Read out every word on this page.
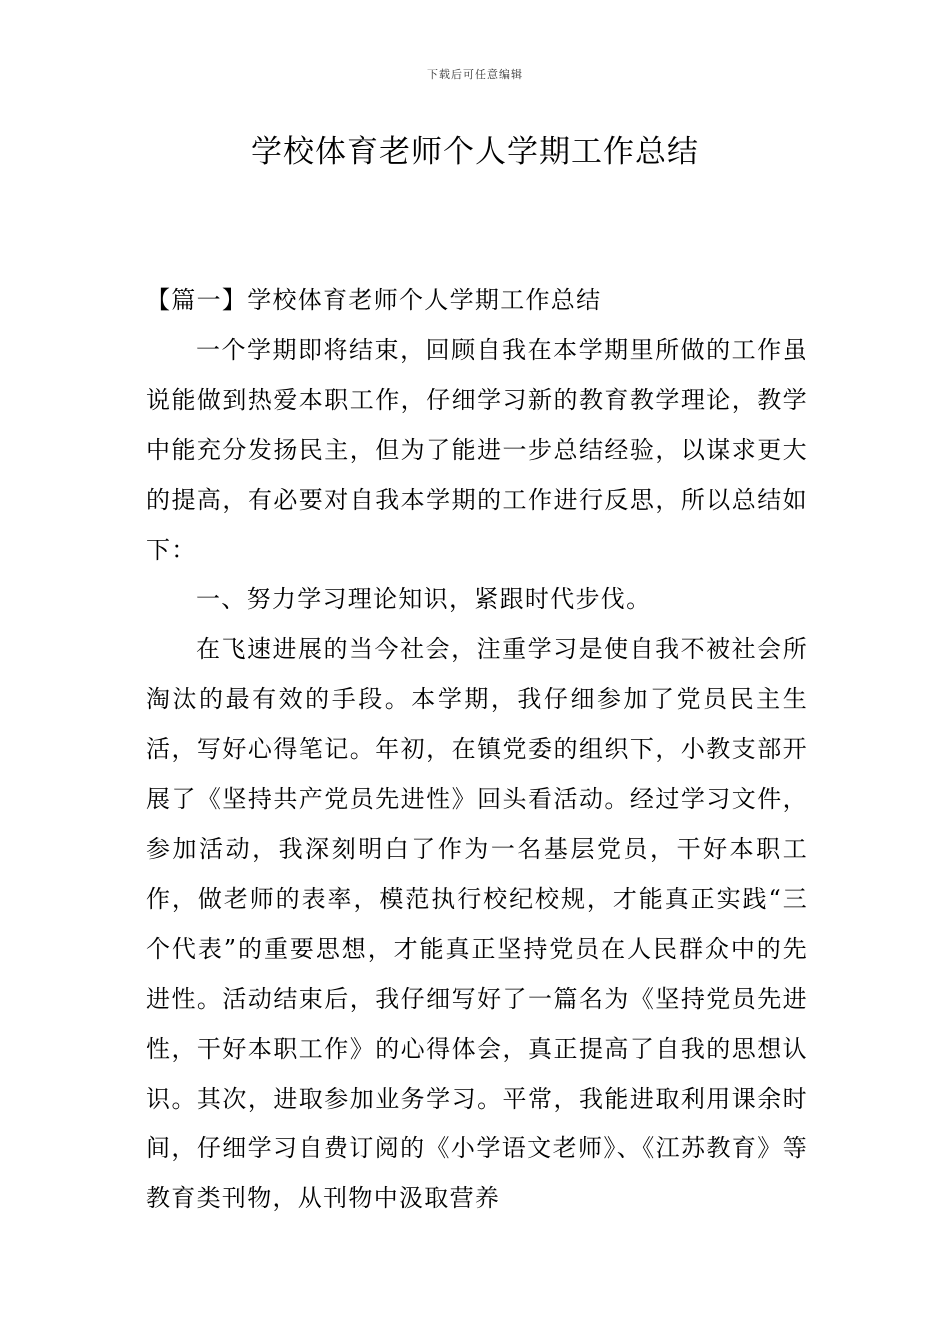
下载后可任意编辑
学校体育老师个人学期工作总结

【篇一】学校体育老师个人学期工作总结

一个学期即将结束，回顾自我在本学期里所做的工作虽说能做到热爱本职工作，仔细学习新的教育教学理论，教学中能充分发扬民主，但为了能进一步总结经验，以谋求更大的提高，有必要对自我本学期的工作进行反思，所以总结如下：

一、努力学习理论知识，紧跟时代步伐。

在飞速进展的当今社会，注重学习是使自我不被社会所淘汰的最有效的手段。本学期，我仔细参加了党员民主生活，写好心得笔记。年初，在镇党委的组织下，小教支部开展了《坚持共产党员先进性》回头看活动。经过学习文件，参加活动，我深刻明白了作为一名基层党员，干好本职工作，做老师的表率，模范执行校纪校规，才能真正实践“三个代表”的重要思想，才能真正坚持党员在人民群众中的先进性。活动结束后，我仔细写好了一篇名为《坚持党员先进性，干好本职工作》的心得体会，真正提高了自我的思想认识。其次，进取参加业务学习。平常，我能进取利用课余时间，仔细学习自费订阅的《小学语文老师》、《江苏教育》等教育类刊物，从刊物中汲取营养
